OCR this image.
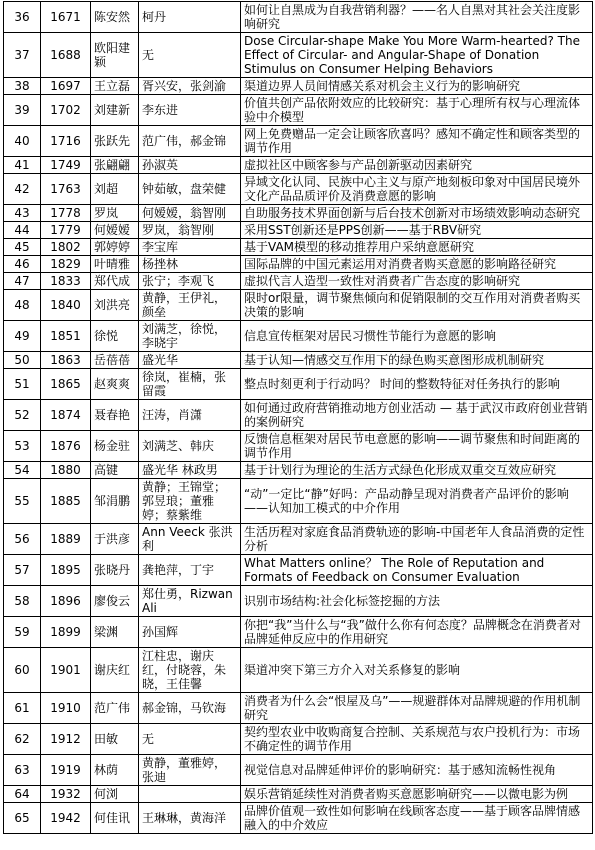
36	1671	陈安然	柯丹	如何让自黑成为自我营销利器？——名人自黑对其社会关注度影响研究
37	1688	欧阳建颖	无	Dose Circular-shape Make You More Warm-hearted? The Effect of Circular- and Angular-Shape of Donation Stimulus on Consumer Helping Behaviors
38	1697	王立磊	胥兴安，张剑渝	渠道边界人员间情感关系对机会主义行为的影响研究
39	1702	刘建新	李东进	价值共创产品依附效应的比较研究：基于心理所有权与心理流体验中介模型
40	1716	张跃先	范广伟，郝金锦	网上免费赠品一定会让顾客欣喜吗？感知不确定性和顾客类型的调节作用
41	1749	张翩翩	孙淑英	虚拟社区中顾客参与产品创新驱动因素研究
42	1763	刘超	钟茹敏，盘荣健	异域文化认同、民族中心主义与原产地刻板印象对中国居民境外文化产品品质评价及消费意愿的影响
43	1778	罗岚	何嫒嫒，翁智刚	自助服务技术界面创新与后台技术创新对市场绩效影响动态研究
44	1779	何嫒嫒	罗岚，翁智刚	采用SST创新还是PPS创新——基于RBV研究
45	1802	郭婷婷	李宝库	基于VAM模型的移动推荐用户采纳意愿研究
46	1829	叶晴雅	杨挫林	国际品牌的中国元素运用对消费者购买意愿的影响路径研究
47	1833	郑代成	张宁；李观飞	虚拟代言人造型一致性对消费者广告态度的影响研究
48	1840	刘洪亮	黄静，王伊礼，颜垒	限时or限量，调节聚焦倾向和促销限制的交互作用对消费者购买决策的影响
49	1851	徐悦	刘满芝，徐悦，李晓宇	信息宣传框架对居民习惯性节能行为意愿的影响
50	1863	岳蓓蓓	盛光华	基于认知—情感交互作用下的绿色购买意图形成机制研究
51	1865	赵爽爽	徐岚，崔楠，张留霞	整点时刻更利于行动吗？ 时间的整数特征对任务执行的影响
52	1874	聂春艳	汪涛，肖潇	如何通过政府营销推动地方创业活动 — 基于武汉市政府创业营销的案例研究
53	1876	杨金驻	刘满芝、韩庆	反馈信息框架对居民节电意愿的影响——调节聚焦和时间距离的调节作用
54	1880	高键	盛光华 林政男	基于计划行为理论的生活方式绿色化形成双重交互效应研究
55	1885	邹涓鹏	黄静；王锦堂；郭昱琅；董雅婷；蔡紫维	“动”一定比“静”好吗：产品动静呈现对消费者产品评价的影响——认知加工模式的中介作用
56	1889	于洪彦	Ann Veeck 张洪利	生活历程对家庭食品消费轨迹的影响-中国老年人食品消费的定性分析
57	1895	张晓丹	龚艳萍，丁宇	What Matters online？ The Role of Reputation and Formats of Feedback on Consumer Evaluation
58	1896	廖俊云	郑仕勇，Rizwan Ali	识别市场结构:社会化标签挖掘的方法
59	1899	梁渊	孙国辉	你把“我”当什么与“我”做什么你有何态度？品牌概念在消费者对品牌延伸反应中的作用研究
60	1901	谢庆红	江柱忠，谢庆红，付晓蓉，朱晓，王佳馨	渠道冲突下第三方介入对关系修复的影响
61	1910	范广伟	郝金锦，马钦海	消费者为什么会“恨屋及乌”——规避群体对品牌规避的作用机制研究
62	1912	田敏	无	契约型农业中收购商复合控制、关系规范与农户投机行为：市场不确定性的调节作用
63	1919	林荫	黄静，董雅婷，张迪	视觉信息对品牌延伸评价的影响研究：基于感知流畅性视角
64	1932	何浏		娱乐营销延续性对消费者购买意愿影响研究——以微电影为例
65	1942	何佳讯	王琳琳，黄海洋	品牌价值观一致性如何影响在线顾客态度——基于顾客品牌情感融入的中介效应
